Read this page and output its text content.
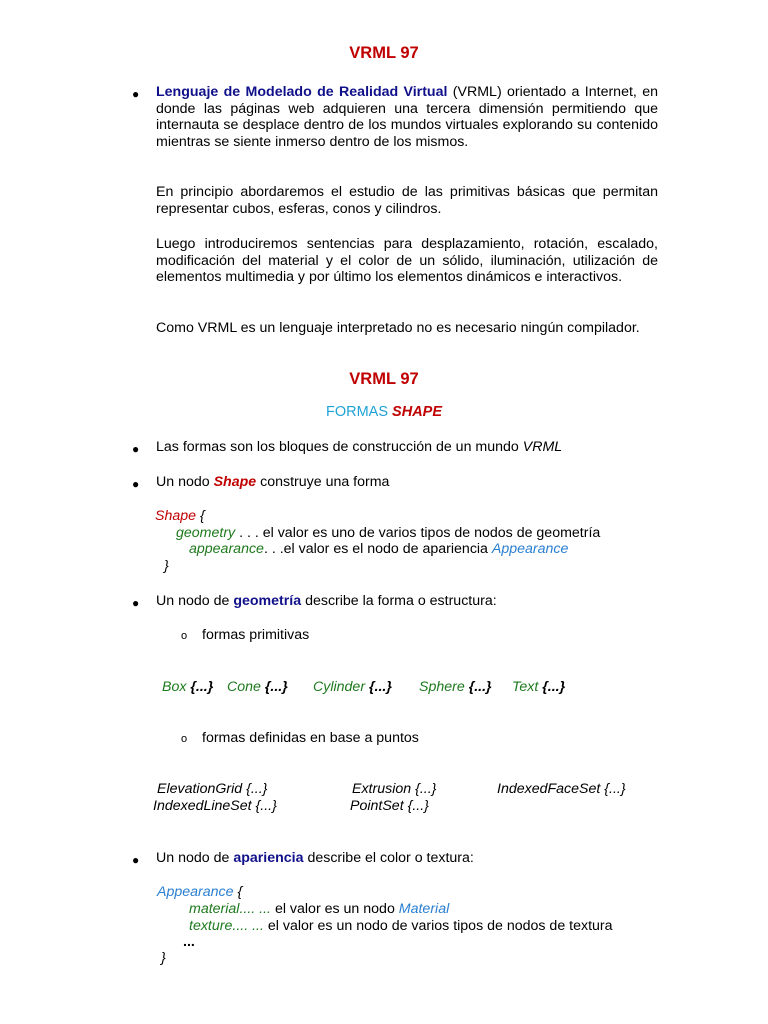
VRML 97
● Lenguaje de Modelado de Realidad Virtual (VRML) orientado a Internet, en donde las páginas web adquieren una tercera dimensión permitiendo que internauta se desplace dentro de los mundos virtuales explorando su contenido mientras se siente inmerso dentro de los mismos.

En principio abordaremos el estudio de las primitivas básicas que permitan representar cubos, esferas, conos y cilindros.

Luego introduciremos sentencias para desplazamiento, rotación, escalado, modificación del material y el color de un sólido, iluminación, utilización de elementos multimedia y por último los elementos dinámicos e interactivos.

Como VRML es un lenguaje interpretado no es necesario ningún compilador.

VRML 97
FORMAS SHAPE
● Las formas son los bloques de construcción de un mundo VRML
● Un nodo Shape construye una forma
Shape {
geometry . . . el valor es uno de varios tipos de nodos de geometría
appearance. . .el valor es el nodo de apariencia Appearance
}
● Un nodo de geometría describe la forma o estructura:
o formas primitivas
Box {...} Cone {...} Cylinder {...} Sphere {...} Text {...}
o formas definidas en base a puntos
ElevationGrid {...}	Extrusion {...}	IndexedFaceSet {...}
IndexedLineSet {...}	PointSet {...}
● Un nodo de apariencia describe el color o textura:
Appearance {
material.... ... el valor es un nodo Material
texture.... ... el valor es un nodo de varios tipos de nodos de textura
...
}
